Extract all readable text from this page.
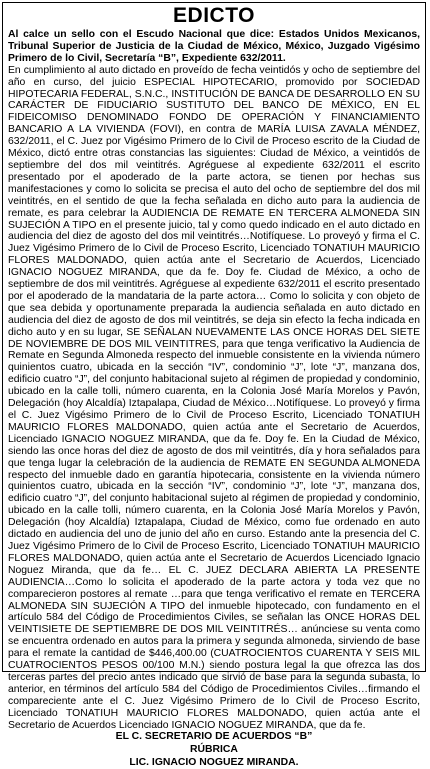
EDICTO

Al calce un sello con el Escudo Nacional que dice: Estados Unidos Mexicanos, Tribunal Superior de Justicia de la Ciudad de México, México, Juzgado Vigésimo Primero de lo Civil, Secretaría “B”, Expediente 632/2011.

En cumplimiento al auto dictado en proveído de fecha veintidós y ocho de septiembre del año en curso, del juicio ESPECIAL HIPOTECARIO, promovido por SOCIEDAD HIPOTECARIA FEDERAL, S.N.C., INSTITUCIÓN DE BANCA DE DESARROLLO EN SU CARÁCTER DE FIDUCIARIO SUSTITUTO DEL BANCO DE MÉXICO, EN EL FIDEICOMISO DENOMINADO FONDO DE OPERACIÓN Y FINANCIAMIENTO BANCARIO A LA VIVIENDA (FOVI), en contra de MARÍA LUISA ZAVALA MÉNDEZ, 632/2011, el C. Juez por Vigésimo Primero de lo Civil de Proceso escrito de la Ciudad de México, dictó entre otras constancias las siguientes: Ciudad de México, a veintidós de septiembre del dos mil veintitrés. Agréguese al expediente 632/2011 el escrito presentado por el apoderado de la parte actora, se tienen por hechas sus manifestaciones y como lo solicita se precisa el auto del ocho de septiembre del dos mil veintitrés, en el sentido de que la fecha señalada en dicho auto para la audiencia de remate, es para celebrar la AUDIENCIA DE REMATE EN TERCERA ALMONEDA SIN SUJECIÓN A TIPO en el presente juicio, tal y como quedo indicado en el auto dictado en audiencia del diez de agosto del dos mil veintitrés…Notifíquese. Lo proveyó y firma el C. Juez Vigésimo Primero de lo Civil de Proceso Escrito, Licenciado TONATIUH MAURICIO FLORES MALDONADO, quien actúa ante el Secretario de Acuerdos, Licenciado IGNACIO NOGUEZ MIRANDA, que da fe. Doy fe. Ciudad de México, a ocho de septiembre de dos mil veintitrés. Agréguese al expediente 632/2011 el escrito presentado por el apoderado de la mandataria de la parte actora… Como lo solicita y con objeto de que sea debida y oportunamente preparada la audiencia señalada en auto dictado en audiencia del diez de agosto de dos mil veintitrés, se deja sin efecto la fecha indicada en dicho auto y en su lugar, SE SEÑALAN NUEVAMENTE LAS ONCE HORAS DEL SIETE DE NOVIEMBRE DE DOS MIL VEINTITRES, para que tenga verificativo la Audiencia de Remate en Segunda Almoneda respecto del inmueble consistente en la vivienda número quinientos cuatro, ubicada en la sección “IV”, condominio “J”, lote “J”, manzana dos, edificio cuatro “J”, del conjunto habitacional sujeto al régimen de propiedad y condominio, ubicado en la calle tolli, número cuarenta, en la Colonia José María Morelos y Pavón, Delegación (hoy Alcaldía) Iztapalapa, Ciudad de México…Notifíquese. Lo proveyó y firma el C. Juez Vigésimo Primero de lo Civil de Proceso Escrito, Licenciado TONATIUH MAURICIO FLORES MALDONADO, quien actúa ante el Secretario de Acuerdos, Licenciado IGNACIO NOGUEZ MIRANDA, que da fe. Doy fe. En la Ciudad de México, siendo las once horas del diez de agosto de dos mil veintitrés, día y hora señalados para que tenga lugar la celebración de la audiencia de REMATE EN SEGUNDA ALMONEDA respecto del inmueble dado en garantía hipotecaria, consistente en la vivienda número quinientos cuatro, ubicada en la sección “IV”, condominio “J”, lote “J”, manzana dos, edificio cuatro “J”, del conjunto habitacional sujeto al régimen de propiedad y condominio, ubicado en la calle tolli, número cuarenta, en la Colonia José María Morelos y Pavón, Delegación (hoy Alcaldía) Iztapalapa, Ciudad de México, como fue ordenado en auto dictado en audiencia del uno de junio del año en curso. Estando ante la presencia del C. Juez Vigésimo Primero de lo Civil de Proceso Escrito, Licenciado TONATIUH MAURICIO FLORES MALDONADO, quien actúa ante el Secretario de Acuerdos Licenciado Ignacio Noguez Miranda, que da fe… EL C. JUEZ DECLARA ABIERTA LA PRESENTE AUDIENCIA…Como lo solicita el apoderado de la parte actora y toda vez que no comparecieron postores al remate …para que tenga verificativo el remate en TERCERA ALMONEDA SIN SUJECIÓN A TIPO del inmueble hipotecado, con fundamento en el artículo 584 del Código de Procedimientos Civiles, se señalan las ONCE HORAS DEL VEINTISIETE DE SEPTIEMBRE DE DOS MIL VEINTITRÉS… anúnciese su venta como se encuentra ordenado en autos para la primera y segunda almoneda, sirviendo de base para el remate la cantidad de $446,400.00 (CUATROCIENTOS CUARENTA Y SEIS MIL CUATROCIENTOS PESOS 00/100 M.N.) siendo postura legal la que ofrezca las dos terceras partes del precio antes indicado que sirvió de base para la segunda subasta, lo anterior, en términos del artículo 584 del Código de Procedimientos Civiles…firmando el compareciente ante el C. Juez Vigésimo Primero de lo Civil de Proceso Escrito, Licenciado TONATIUH MAURICIO FLORES MALDONADO, quien actúa ante el Secretario de Acuerdos Licenciado IGNACIO NOGUEZ MIRANDA, que da fe.

EL C. SECRETARIO DE ACUERDOS “B”
RÚBRICA
LIC. IGNACIO NOGUEZ MIRANDA.
